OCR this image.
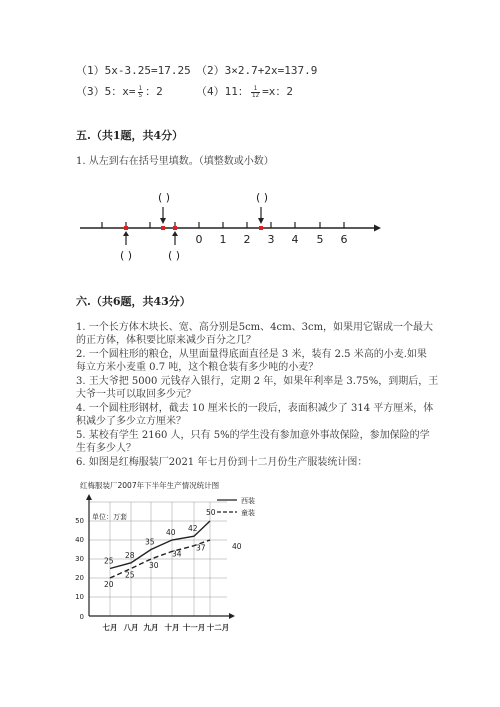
（1）5x-3.25=17.25 （2）3×2.7+2x=137.9
（3）5：$x= \frac{1}{5}$ ：2	（4）11： $\frac{1}{12} =x$：2
五.（共1题，共4分）
1. 从左到右在括号里填数。（填整数或小数）
0 1 2 3 4 5 6
( )	( )
( )	( )
六.（共6题，共43分）
1. 一个长方体木块长、宽、高分别是5cm、4cm、3cm，如果用它锯成一个最大
的正方体，体积要比原来减少百分之几？
2. 一个圆柱形的粮仓，从里面量得底面直径是 3 米，装有 2.5 米高的小麦.如果
每立方米小麦重 0.7 吨，这个粮仓装有多少吨的小麦？
3. 王大爷把 5000 元钱存入银行，定期 2 年，如果年利率是 3.75%，到期后，王
大爷一共可以取回多少元？
4. 一个圆柱形钢材，截去 10 厘米长的一段后，表面积减少了 314 平方厘米，体
积减少了多少立方厘米？
5. 某校有学生 2160 人，只有 5%的学生没有参加意外事故保险，参加保险的学
生有多少人？
6. 如图是红梅服装厂2021 年七月份到十二月份生产服装统计图：
红梅服装厂2007年下半年生产情况统计图
单位：万套
西装
童装
0
10
20
30
40
50
七月 八月 九月 十月 十一月 十二月
25
28
35
40 42
50
20
25
30
34
37	40
